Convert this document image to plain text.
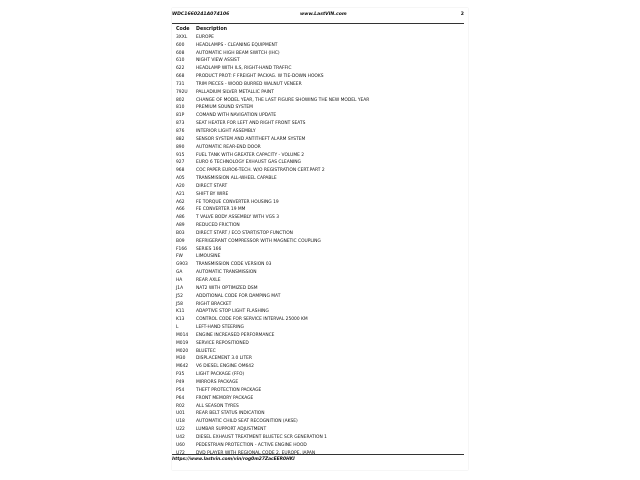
WDC1660241A074106	www.LastVIN.com	2
Code	Description
3XXL	EUROPE
600	HEADLAMPS - CLEANING EQUIPMENT
608	AUTOMATIC HIGH BEAM SWITCH (IHC)
610	NIGHT VIEW ASSIST
622	HEADLAMP WITH ILS, RIGHT-HAND TRAFFIC
668	PRODUCT PROT: F FREIGHT PACKAG. W TIE-DOWN HOOKS
731	TRIM PIECES - WOOD BURRED WALNUT VENEER
792U	PALLADIUM SILVER METALLIC PAINT
802	CHANGE OF MODEL YEAR, THE LAST FIGURE SHOWING THE NEW MODEL YEAR
810	PREMIUM SOUND SYSTEM
81P	COMAND WITH NAVIGATION UPDATE
873	SEAT HEATER FOR LEFT AND RIGHT FRONT SEATS
876	INTERIOR LIGHT ASSEMBLY
882	SENSOR SYSTEM AND ANTITHEFT ALARM SYSTEM
890	AUTOMATIC REAR-END DOOR
915	FUEL TANK WITH GREATER CAPACITY - VOLUME 2
927	EURO 6 TECHNOLOGY EXHAUST GAS CLEANING
968	COC PAPER EURO6-TECH. W/O REGISTRATION CERT.PART 2
A05	TRANSMISSION ALL-WHEEL CAPABLE
A20	DIRECT START
A21	SHIFT BY WIRE
A62	FE TORQUE CONVERTER HOUSING 19
A66	FE CONVERTER 19 MM
A86	T VALVE BODY ASSEMBLY WITH VGS 3
A89	REDUCED FRICTION
B03	DIRECT START / ECO START/STOP FUNCTION
B09	REFRIGERANT COMPRESSOR WITH MAGNETIC COUPLING
F166	SERIES 166
FW	LIMOUSINE
G903	TRANSMISSION CODE VERSION 03
GA	AUTOMATIC TRANSMISSION
HA	REAR AXLE
J1A	NAT2 WITH OPTIMIZED DSM
J52	ADDITIONAL CODE FOR DAMPING MAT
J58	RIGHT BRACKET
K11	ADAPTIVE STOP LIGHT FLASHING
K13	CONTROL CODE FOR SERVICE INTERVAL 25000 KM
L	LEFT-HAND STEERING
M014	ENGINE INCREASED PERFORMANCE
M019	SERVICE REPOSITIONED
M020	BLUETEC
M30	DISPLACEMENT 3.0 LITER
M642	V6 DIESEL ENGINE OM642
P35	LIGHT PACKAGE (FFO)
P49	MIRRORS PACKAGE
P54	THEFT PROTECTION PACKAGE
P64	FRONT MEMORY PACKAGE
R02	ALL SEASON TYRES
U01	REAR BELT STATUS INDICATION
U18	AUTOMATIC CHILD SEAT RECOGNITION (AKSE)
U22	LUMBAR SUPPORT ADJUSTMENT
U42	DIESEL EXHAUST TREATMENT BLUETEC SCR GENERATION 1
U60	PEDESTRIAN PROTECTION - ACTIVE ENGINE HOOD
U72	DVD PLAYER WITH REGIONAL CODE 2, EUROPE, JAPAN
https://www.lastvin.com/vin/rog0m27ZacEER0HKI
